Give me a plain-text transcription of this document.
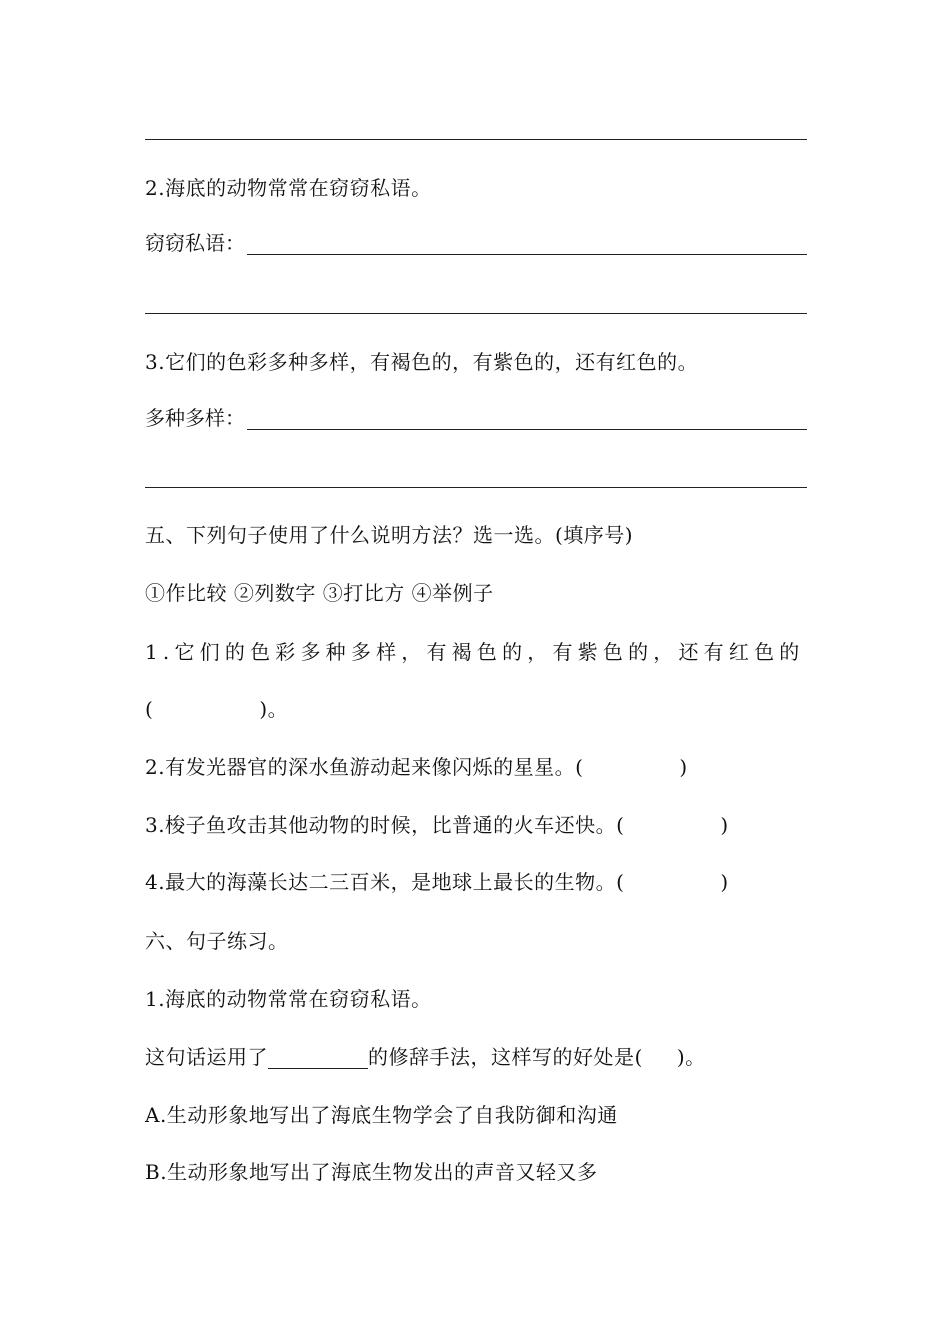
2.海底的动物常常在窃窃私语。
窃窃私语：
3.它们的色彩多种多样，有褐色的，有紫色的，还有红色的。
多种多样：
五、下列句子使用了什么说明方法？选一选。(填序号)
①作比较 ②列数字 ③打比方 ④举例子
1.它们的色彩多种多样，有褐色的，有紫色的，还有红色的
(	)。
2.有发光器官的深水鱼游动起来像闪烁的星星。(	)
3.梭子鱼攻击其他动物的时候，比普通的火车还快。(	)
4.最大的海藻长达二三百米，是地球上最长的生物。(	)
六、句子练习。
1.海底的动物常常在窃窃私语。
这句话运用了	的修辞手法，这样写的好处是( )。
A.生动形象地写出了海底生物学会了自我防御和沟通
B.生动形象地写出了海底生物发出的声音又轻又多
